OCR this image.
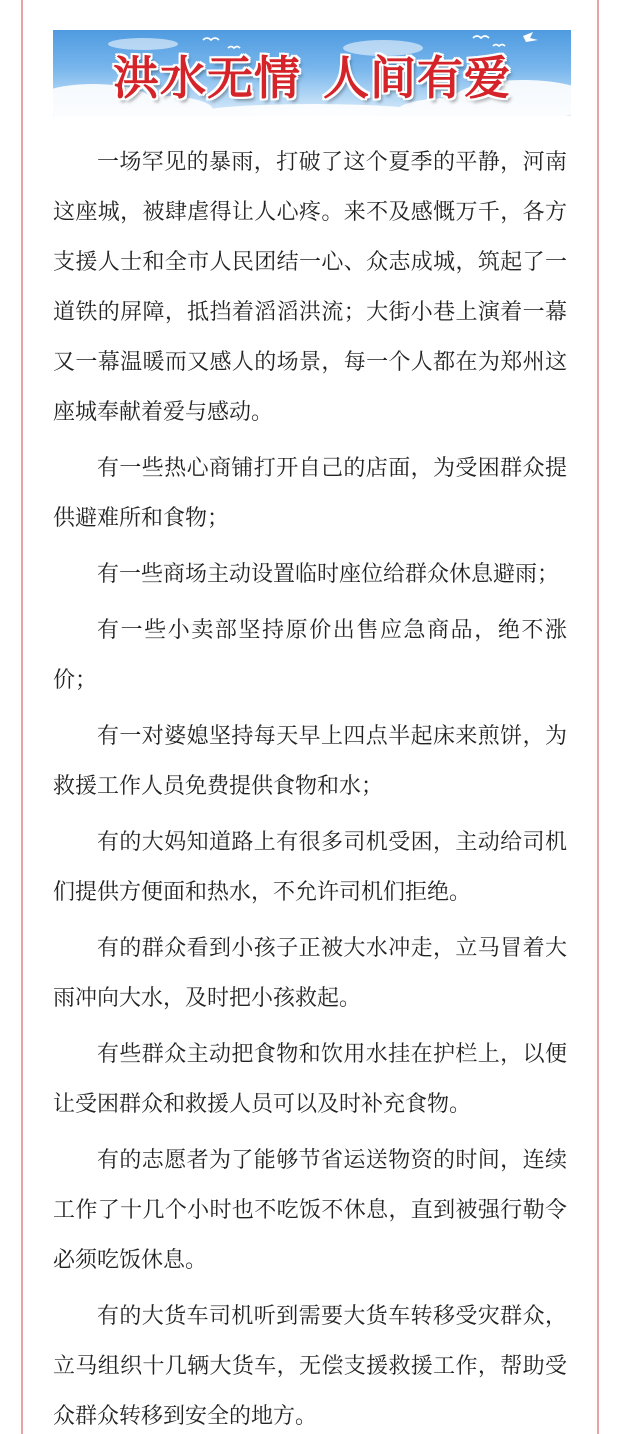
洪水无情 人间有爱

一场罕见的暴雨，打破了这个夏季的平静，河南这座城，被肆虐得让人心疼。来不及感慨万千，各方支援人士和全市人民团结一心、众志成城，筑起了一道铁的屏障，抵挡着滔滔洪流；大街小巷上演着一幕又一幕温暖而又感人的场景，每一个人都在为郑州这座城奉献着爱与感动。

有一些热心商铺打开自己的店面，为受困群众提供避难所和食物；

有一些商场主动设置临时座位给群众休息避雨；

有一些小卖部坚持原价出售应急商品，绝不涨价；

有一对婆媳坚持每天早上四点半起床来煎饼，为救援工作人员免费提供食物和水；

有的大妈知道路上有很多司机受困，主动给司机们提供方便面和热水，不允许司机们拒绝。

有的群众看到小孩子正被大水冲走，立马冒着大雨冲向大水，及时把小孩救起。

有些群众主动把食物和饮用水挂在护栏上，以便让受困群众和救援人员可以及时补充食物。

有的志愿者为了能够节省运送物资的时间，连续工作了十几个小时也不吃饭不休息，直到被强行勒令必须吃饭休息。

有的大货车司机听到需要大货车转移受灾群众，立马组织十几辆大货车，无偿支援救援工作，帮助受众群众转移到安全的地方。
